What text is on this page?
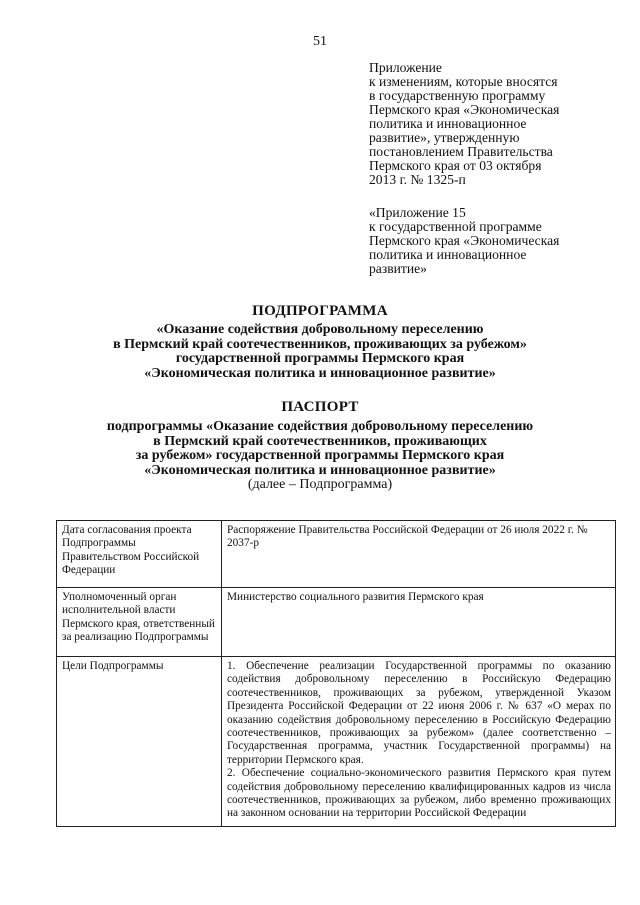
51
Приложение
к изменениям, которые вносятся
в государственную программу
Пермского края «Экономическая
политика и инновационное
развитие», утвержденную
постановлением Правительства
Пермского края от 03 октября
2013 г. № 1325-п
«Приложение 15
к государственной программе
Пермского края «Экономическая
политика и инновационное
развитие»
ПОДПРОГРАММА
«Оказание содействия добровольному переселению
в Пермский край соотечественников, проживающих за рубежом»
государственной программы Пермского края
«Экономическая политика и инновационное развитие»
ПАСПОРТ
подпрограммы «Оказание содействия добровольному переселению
в Пермский край соотечественников, проживающих
за рубежом» государственной программы Пермского края
«Экономическая политика и инновационное развитие»
(далее – Подпрограмма)
Дата согласования проекта Подпрограммы Правительством Российской Федерации	Распоряжение Правительства Российской Федерации от 26 июля 2022 г. № 2037-р
Уполномоченный орган исполнительной власти Пермского края, ответственный за реализацию Подпрограммы	Министерство социального развития Пермского края
Цели Подпрограммы	1. Обеспечение реализации Государственной программы по оказанию содействия добровольному переселению в Российскую Федерацию соотечественников, проживающих за рубежом, утвержденной Указом Президента Российской Федерации от 22 июня 2006 г. № 637 «О мерах по оказанию содействия добровольному переселению в Российскую Федерацию соотечественников, проживающих за рубежом» (далее соответственно – Государственная программа, участник Государственной программы) на территории Пермского края.
2. Обеспечение социально-экономического развития Пермского края путем содействия добровольному переселению квалифицированных кадров из числа соотечественников, проживающих за рубежом, либо временно проживающих на законном основании на территории Российской Федерации
